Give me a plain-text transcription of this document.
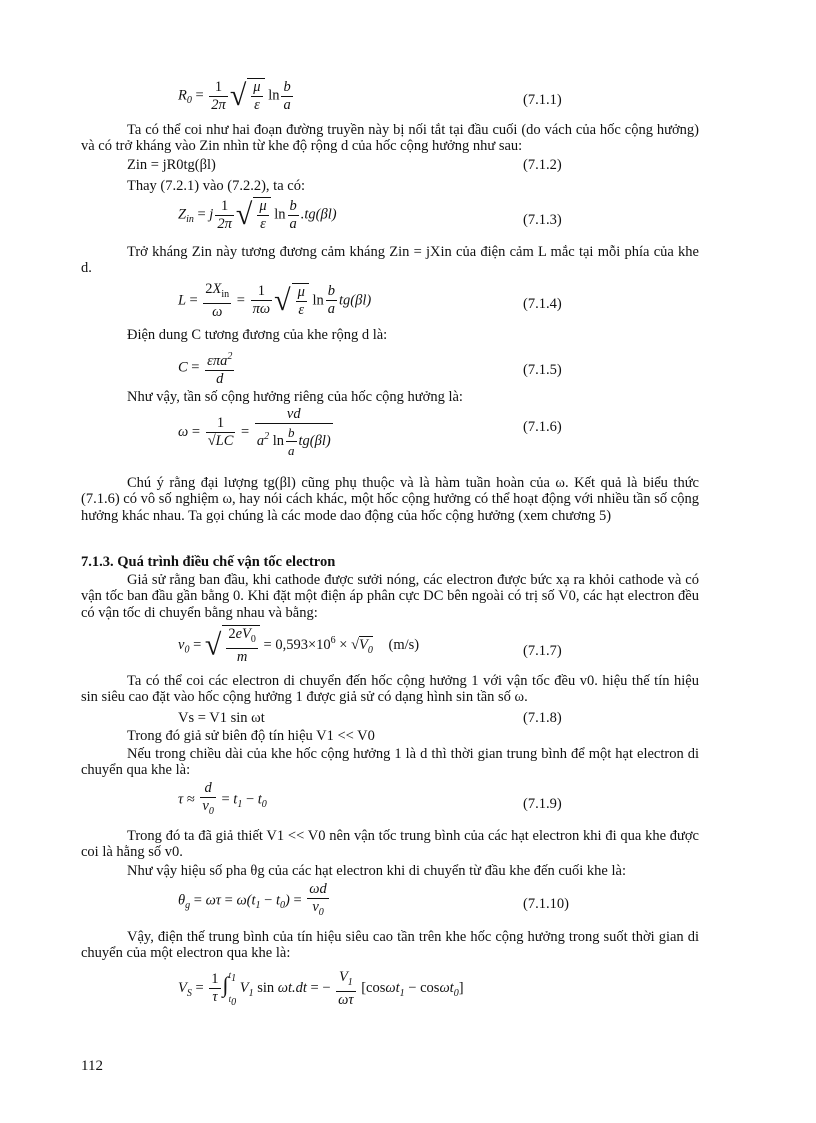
$R_0 = \frac{1}{2\pi}$ √ $\frac{\mu}{\varepsilon}$ $\ln \frac{b}{a}$	(7.1.1)

Ta có thể coi như hai đoạn đường truyền này bị nối tắt tại đầu cuối (do vách của hốc cộng hưởng) và có trở kháng vào Zin nhìn từ khe độ rộng d của hốc cộng hưởng như sau:

Zin = jR0tg(βl)	(7.1.2)
Thay (7.2.1) vào (7.2.2), ta có:
$Z_{in} = j \frac{1}{2\pi}$ √ $\frac{\mu}{\varepsilon}$ $\ln \frac{b}{a} .tg(\beta l)$	(7.1.3)

Trở kháng Zin này tương đương cảm kháng Zin = jXin của điện cảm L mắc tại mỗi phía của khe d.

$L = \frac{2X_{in}}{\omega} = \frac{1}{\pi\omega}$ √ $\frac{\mu}{\varepsilon}$ $\ln \frac{b}{a} tg(\beta l)$	(7.1.4)
Điện dung C tương đương của khe rộng d là:
$C = \frac{\varepsilon\pi a^2}{d}$	(7.1.5)
Như vậy, tần số cộng hưởng riêng của hốc cộng hưởng là:
$\omega = \frac{1}{√LC} = \frac{vd}{a^2 \ln \frac{b}{a} tg(\beta l)}$	(7.1.6)

Chú ý rằng đại lượng tg(βl) cũng phụ thuộc và là hàm tuần hoàn của ω. Kết quả là biểu thức (7.1.6) có vô số nghiệm ω, hay nói cách khác, một hốc cộng hưởng có thể hoạt động với nhiều tần số cộng hưởng khác nhau. Ta gọi chúng là các mode dao động của hốc cộng hưởng (xem chương 5)

7.1.3. Quá trình điều chế vận tốc electron

Giả sử rằng ban đầu, khi cathode được sưởi nóng, các electron được bức xạ ra khỏi cathode và có vận tốc ban đầu gần bằng 0. Khi đặt một điện áp phân cực DC bên ngoài có trị số V0, các hạt electron đều có vận tốc di chuyển bằng nhau và bằng:

$v_0$ = √ $\frac{2eV_0}{m} = 0,593\times 10^6 \times √V_0$ (m/s)	(7.1.7)

Ta có thể coi các electron di chuyển đến hốc cộng hưởng 1 với vận tốc đều v0. hiệu thế tín hiệu sin siêu cao đặt vào hốc cộng hưởng 1 được giả sử có dạng hình sin tần số ω.

Vs = V1 sin ωt	(7.1.8)
Trong đó giả sử biên độ tín hiệu V1 << V0

Nếu trong chiều dài của khe hốc cộng hưởng 1 là d thì thời gian trung bình để một hạt electron di chuyển qua khe là:

$\tau \approx \frac{d}{v_0} = t_1 - t_0$	(7.1.9)

Trong đó ta đã giả thiết V1 << V0 nên vận tốc trung bình của các hạt electron khi đi qua khe được coi là hằng số v0.

Như vậy hiệu số pha θg của các hạt electron khi di chuyển từ đầu khe đến cuối khe là:
$\theta_g = \omega\tau = \omega(t_1 - t_0) = \frac{\omega d}{v_0}$	(7.1.10)

Vậy, điện thế trung bình của tín hiệu siêu cao tần trên khe hốc cộng hưởng trong suốt thời gian di chuyển của một electron qua khe là:

$V_S = \frac{1}{\tau} \int t_1$
$t_0$ $V_1$ sin ωt.dt = − $\frac{V_1}{\omega\tau} [\cos\omega t_1 - \cos\omega t_0]$
112
